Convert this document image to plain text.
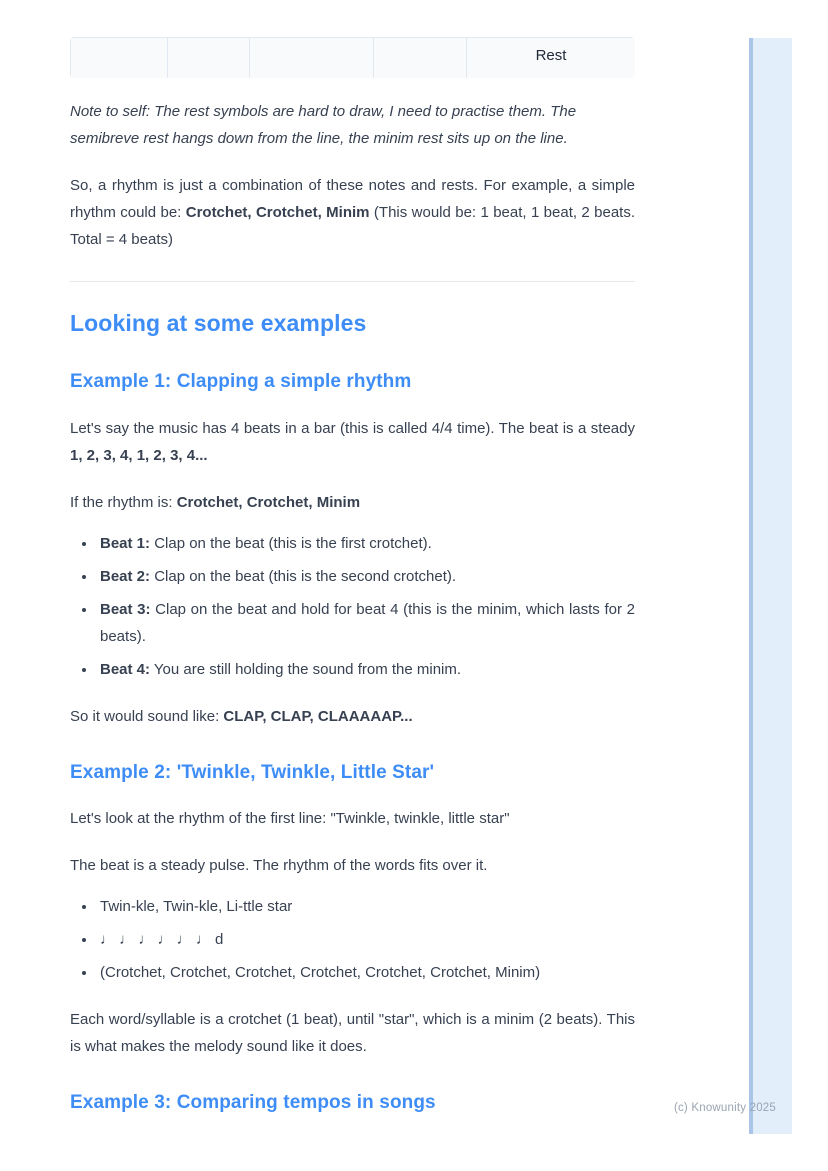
(c) Knowunity 2025
				Rest

Note to self: The rest symbols are hard to draw, I need to practise them. The semibreve rest hangs down from the line, the minim rest sits up on the line.

So, a rhythm is just a combination of these notes and rests. For example, a simple rhythm could be: Crotchet, Crotchet, Minim (This would be: 1 beat, 1 beat, 2 beats. Total = 4 beats)

Looking at some examples
Example 1: Clapping a simple rhythm

Let's say the music has 4 beats in a bar (this is called 4/4 time). The beat is a steady 1, 2, 3, 4, 1, 2, 3, 4...

If the rhythm is: Crotchet, Crotchet, Minim

• Beat 1: Clap on the beat (this is the first crotchet).
• Beat 2: Clap on the beat (this is the second crotchet).
• Beat 3: Clap on the beat and hold for beat 4 (this is the minim, which lasts for 2 beats).
• Beat 4: You are still holding the sound from the minim.

So it would sound like: CLAP, CLAP, CLAAAAAP...

Example 2: 'Twinkle, Twinkle, Little Star'

Let's look at the rhythm of the first line: "Twinkle, twinkle, little star"

The beat is a steady pulse. The rhythm of the words fits over it.

• Twin-kle, Twin-kle, Li-ttle star
• ♩ ♩ ♩ ♩ ♩ ♩ d
• (Crotchet, Crotchet, Crotchet, Crotchet, Crotchet, Crotchet, Minim)

Each word/syllable is a crotchet (1 beat), until "star", which is a minim (2 beats). This is what makes the melody sound like it does.

Example 3: Comparing tempos in songs
